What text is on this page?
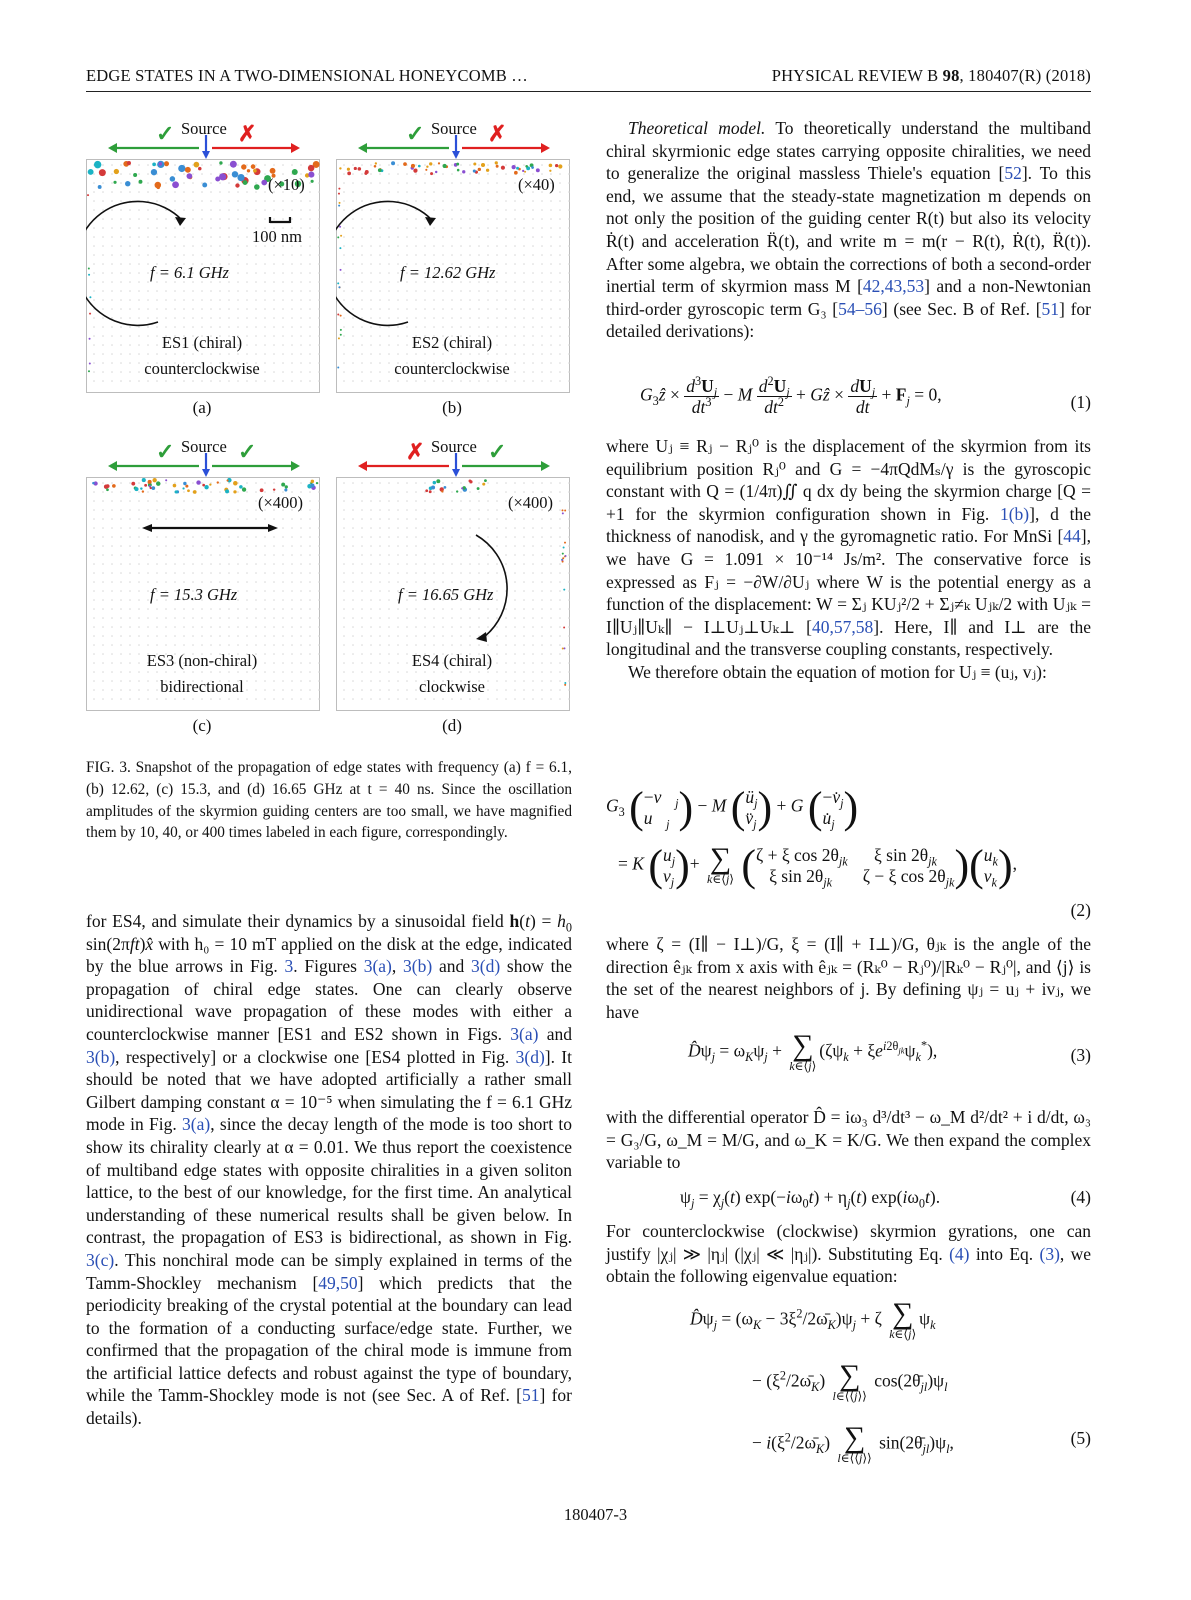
EDGE STATES IN A TWO-DIMENSIONAL HONEYCOMB …	PHYSICAL REVIEW B 98, 180407(R) (2018)
Source
✓	✗
(×10)
100 nm
f = 6.1 GHz
ES1 (chiral)
counterclockwise
(a)
Source
✓	✗
(×40)
f = 12.62 GHz
ES2 (chiral)
counterclockwise
(b)
Source
✓	✓
(×400)
f = 15.3 GHz
ES3 (non-chiral)
bidirectional
(c)
Source
✗	✓
(×400)
f = 16.65 GHz
ES4 (chiral)
clockwise
(d)
FIG. 3. Snapshot of the propagation of edge states with frequency (a) f = 6.1, (b) 12.62, (c) 15.3, and (d) 16.65 GHz at t = 40 ns. Since the oscillation amplitudes of the skyrmion guiding centers are too small, we have magnified them by 10, 40, or 400 times labeled in each figure, correspondingly.

for ES4, and simulate their dynamics by a sinusoidal field $h(t) = h_0$ sin(2πft)x̂ with h₀ = 10 mT applied on the disk at the edge, indicated by the blue arrows in Fig. 3. Figures 3(a), 3(b) and 3(d) show the propagation of chiral edge states. One can clearly observe unidirectional wave propagation of these modes with either a counterclockwise manner [ES1 and ES2 shown in Figs. 3(a) and 3(b), respectively] or a clockwise one [ES4 plotted in Fig. 3(d)]. It should be noted that we have adopted artificially a rather small Gilbert damping constant α = 10⁻⁵ when simulating the f = 6.1 GHz mode in Fig. 3(a), since the decay length of the mode is too short to show its chirality clearly at α = 0.01. We thus report the coexistence of multiband edge states with opposite chiralities in a given soliton lattice, to the best of our knowledge, for the first time. An analytical understanding of these numerical results shall be given below. In contrast, the propagation of ES3 is bidirectional, as shown in Fig. 3(c). This nonchiral mode can be simply explained in terms of the Tamm-Shockley mechanism [49,50] which predicts that the periodicity breaking of the crystal potential at the boundary can lead to the formation of a conducting surface/edge state. Further, we confirmed that the propagation of the chiral mode is immune from the artificial lattice defects and robust against the type of boundary, while the Tamm-Shockley mode is not (see Sec. A of Ref. [51] for details).

Theoretical model. To theoretically understand the multiband chiral skyrmionic edge states carrying opposite chiralities, we need to generalize the original massless Thiele's equation [52]. To this end, we assume that the steady-state magnetization m depends on not only the position of the guiding center R(t) but also its velocity Ṙ(t) and acceleration R̈(t), and write m = m(r − R(t), Ṙ(t), R̈(t)). After some algebra, we obtain the corrections of both a second-order inertial term of skyrmion mass M [42,43,53] and a non-Newtonian third-order gyroscopic term G₃ [54–56] (see Sec. B of Ref. [51] for detailed derivations):

$G_3ẑ \times \frac{d^3U_j}{dt^3} - M \frac{d^2U_j}{dt^2}$ + Gẑ × $\frac{dU_j}{dt} + F_j = 0$,	(1)

where Uⱼ ≡ Rⱼ − Rⱼ⁰ is the displacement of the skyrmion from its equilibrium position Rⱼ⁰ and G = −4πQdMₛ/γ is the gyroscopic constant with Q = (1/4π)∬ q dx dy being the skyrmion charge [Q = +1 for the skyrmion configuration shown in Fig. 1(b)], d the thickness of nanodisk, and γ the gyromagnetic ratio. For MnSi [44], we have G = 1.091 × 10⁻¹⁴ Js/m². The conservative force is expressed as Fⱼ = −∂W/∂Uⱼ where W is the potential energy as a function of the displacement: W = Σⱼ KUⱼ²/2 + Σⱼ≠ₖ Uⱼₖ/2 with Uⱼₖ = I∥Uⱼ∥Uₖ∥ − I⊥Uⱼ⊥Uₖ⊥ [40,57,58]. Here, I∥ and I⊥ are the longitudinal and the transverse coupling constants, respectively.

We therefore obtain the equation of motion for Uⱼ ≡ (uⱼ, vⱼ):

$G_3$ ( $-v⃛_j$
$u⃛_j$ ) − M ( $ü_j$
$v̈_j$ ) + G ( $-v̇_j$
$u̇_j$ )
= K ( $u_j$
$v_j$ )+ ∑
k∈⟨j⟩ ( ζ + ξ $\cos 2\theta_{jk}$      ξ $\sin 2\theta_{jk}$
ξ $\sin 2\theta_{jk}$       ζ − ξ $\cos 2\theta_{jk}$ )( $u_k$
$v_k$ ),
(2)

where ζ = (I∥ − I⊥)/G, ξ = (I∥ + I⊥)/G, θⱼₖ is the angle of the direction êⱼₖ from x axis with êⱼₖ = (Rₖ⁰ − Rⱼ⁰)/|Rₖ⁰ − Rⱼ⁰|, and ⟨j⟩ is the set of the nearest neighbors of j. By defining ψⱼ = uⱼ + ivⱼ, we have

$D̂\psi_j = \omega_K\psi_j$ + ∑
k∈⟨j⟩
$(\zeta\psi_k + \xi e^{i2\theta_{jk}}\psi_k^*)$,	(3)

with the differential operator D̂ = iω₃ d³/dt³ − ω_M d²/dt² + i d/dt, ω₃ = G₃/G, ω_M = M/G, and ω_K = K/G. We then expand the complex variable to

$\psi_j = \chi_j(t) \exp(-i\omega_0t) + \eta_j(t)$ $\exp(i\omega_0t)$.	(4)

For counterclockwise (clockwise) skyrmion gyrations, one can justify |χⱼ| ≫ |ηⱼ| (|χⱼ| ≪ |ηⱼ|). Substituting Eq. (4) into Eq. (3), we obtain the following eigenvalue equation:

$D̂\psi_j = (\omega_K$ − $3\xi^2/2\omegā_K)\psi_j + \zeta$ ∑
k∈⟨j⟩
$\psi_k$
− $(\xi^2/2\omegā_K)$ ∑
l∈⟨⟨j⟩⟩
$\cos(2\thetā_{jl})\psi_l$
− $i(\xi^2/2\omegā_K)$ ∑
l∈⟨⟨j⟩⟩
$\sin(2\thetā_{jl})\psi_l$,	(5)
180407-3
